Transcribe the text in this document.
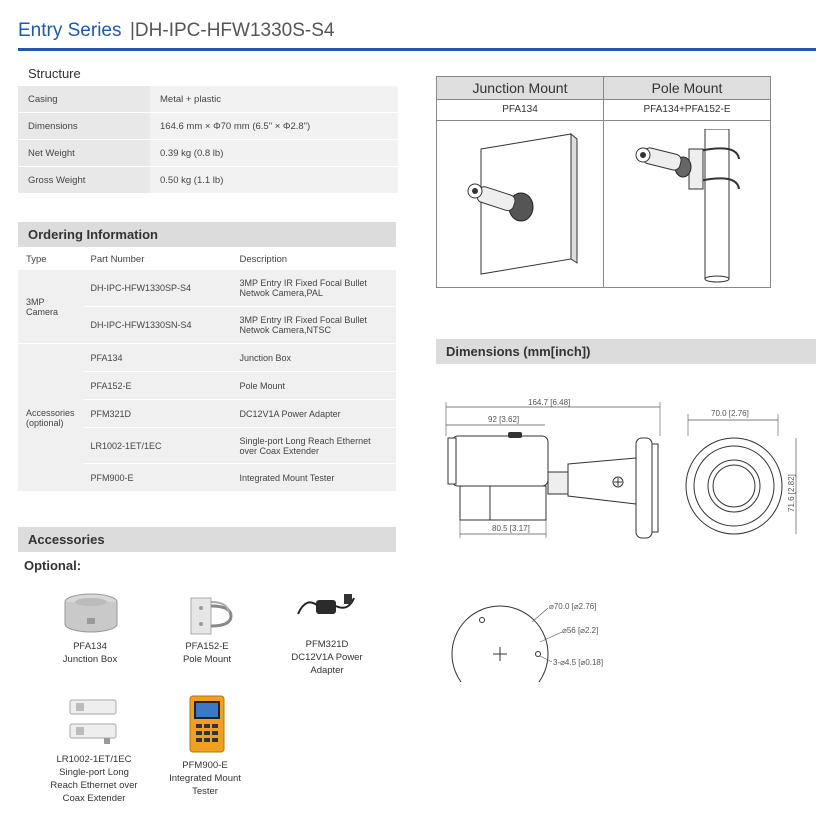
Entry Series |DH-IPC-HFW1330S-S4
Structure
Casing	Metal + plastic
Dimensions	164.6 mm × Φ70 mm (6.5" × Φ2.8")
Net Weight	0.39 kg (0.8 lb)
Gross Weight	0.50 kg (1.1 lb)
Ordering Information
Type	Part Number	Description
3MP Camera	DH-IPC-HFW1330SP-S4	3MP Entry IR Fixed Focal Bullet Netwok Camera,PAL
	DH-IPC-HFW1330SN-S4	3MP Entry IR Fixed Focal Bullet Netwok Camera,NTSC
Accessories (optional)	PFA134	Junction Box
	PFA152-E	Pole Mount
	PFM321D	DC12V1A Power Adapter
	LR1002-1ET/1EC	Single-port Long Reach Ethernet over Coax Extender
	PFM900-E	Integrated Mount Tester
Accessories
Optional:
PFA134
Junction Box
PFA152-E
Pole Mount
PFM321D
DC12V1A Power
Adapter
LR1002-1ET/1EC
Single-port Long
Reach Ethernet over
Coax Extender
PFM900-E
Integrated Mount
Tester
Junction Mount	Pole Mount
PFA134	PFA134+PFA152-E
Dimensions (mm[inch])
164.7 [6.48]
92 [3.62]
80.5 [3.17]
70.0 [2.76]
71.6 [2.82]
⌀70.0 [⌀2.76]
⌀56 [⌀2.2]
3-⌀4.5 [⌀0.18]
